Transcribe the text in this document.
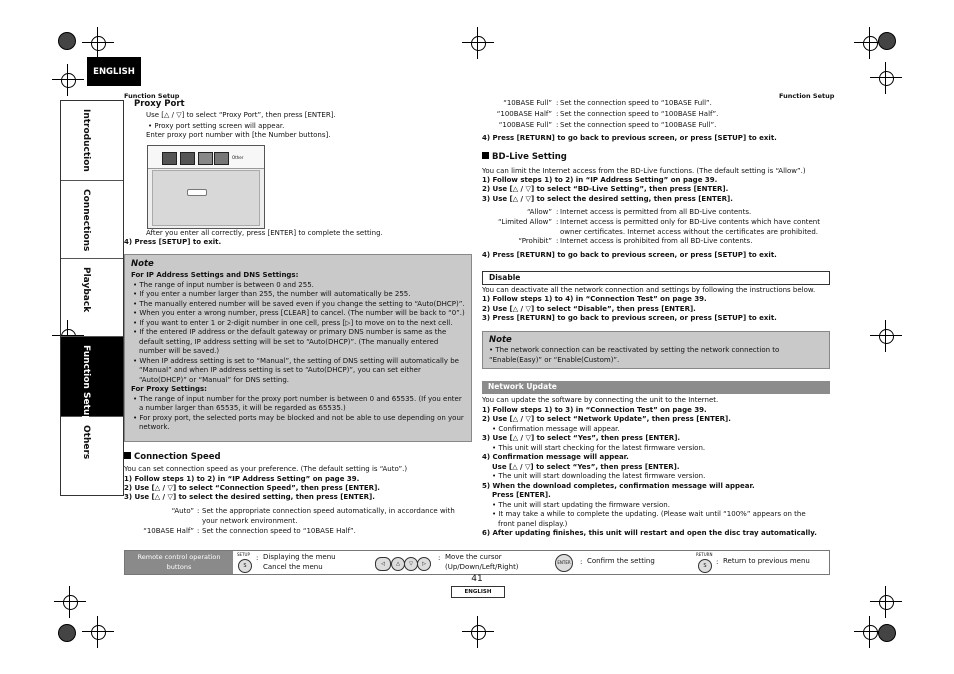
ENGLISH
Function Setup	Function Setup
Introduction
Connections
Playback
Function Setup
Others
Proxy Port
Use [△ / ▽] to select “Proxy Port”, then press [ENTER].
• Proxy port setting screen will appear.
Enter proxy port number with [the Number buttons].
Other
After you enter all correctly, press [ENTER] to complete the setting.
4) Press [SETUP] to exit.
Note
For IP Address Settings and DNS Settings:
• The range of input number is between 0 and 255.
• If you enter a number larger than 255, the number will automatically be 255.
• The manually entered number will be saved even if you change the setting to “Auto(DHCP)”.
• When you enter a wrong number, press [CLEAR] to cancel. (The number will be back to “0”.)
• If you want to enter 1 or 2-digit number in one cell, press [▷] to move on to the next cell.
• If the entered IP address or the default gateway or primary DNS number is same as the default setting, IP address setting will be set to “Auto(DHCP)”. (The manually entered number will be saved.)
• When IP address setting is set to “Manual”, the setting of DNS setting will automatically be “Manual” and when IP address setting is set to “Auto(DHCP)”, you can set either “Auto(DHCP)” or “Manual” for DNS setting.
For Proxy Settings:
• The range of input number for the proxy port number is between 0 and 65535. (If you enter a number larger than 65535, it will be regarded as 65535.)
• For proxy port, the selected ports may be blocked and not be able to use depending on your network.
Connection Speed
You can set connection speed as your preference. (The default setting is “Auto”.)
1) Follow steps 1) to 2) in “IP Address Setting” on page 39.
2) Use [△ / ▽] to select “Connection Speed”, then press [ENTER].
3) Use [△ / ▽] to select the desired setting, then press [ENTER].
“Auto” : Set the appropriate connection speed automatically, in accordance with your network environment.
“10BASE Half” : Set the connection speed to “10BASE Half”.
“10BASE Full” : Set the connection speed to “10BASE Full”.
“100BASE Half” : Set the connection speed to “100BASE Half”.
“100BASE Full” : Set the connection speed to “100BASE Full”.
4) Press [RETURN] to go back to previous screen, or press [SETUP] to exit.
BD-Live Setting
You can limit the Internet access from the BD-Live functions. (The default setting is “Allow”.)
1) Follow steps 1) to 2) in “IP Address Setting” on page 39.
2) Use [△ / ▽] to select “BD-Live Setting”, then press [ENTER].
3) Use [△ / ▽] to select the desired setting, then press [ENTER].
“Allow” : Internet access is permitted from all BD-Live contents.
“Limited Allow” : Internet access is permitted only for BD-Live contents which have content owner certificates. Internet access without the certificates are prohibited.
“Prohibit” : Internet access is prohibited from all BD-Live contents.
4) Press [RETURN] to go back to previous screen, or press [SETUP] to exit.
Disable
You can deactivate all the network connection and settings by following the instructions below.
1) Follow steps 1) to 4) in “Connection Test” on page 39.
2) Use [△ / ▽] to select “Disable”, then press [ENTER].
3) Press [RETURN] to go back to previous screen, or press [SETUP] to exit.
Note
• The network connection can be reactivated by setting the network connection to “Enable(Easy)” or “Enable(Custom)”.
Network Update
You can update the software by connecting the unit to the Internet.
1) Follow steps 1) to 3) in “Connection Test” on page 39.
2) Use [△ / ▽] to select “Network Update”, then press [ENTER].
• Confirmation message will appear.
3) Use [△ / ▽] to select “Yes”, then press [ENTER].
• This unit will start checking for the latest firmware version.
4) Confirmation message will appear.
Use [△ / ▽] to select “Yes”, then press [ENTER].
• The unit will start downloading the latest firmware version.
5) When the download completes, confirmation message will appear.
Press [ENTER].
• The unit will start updating the firmware version.
• It may take a while to complete the updating. (Please wait until “100%” appears on the front panel display.)
6) After updating finishes, this unit will restart and open the disc tray automatically.
Remote control operation buttons
SETUP
S
: Displaying the menu
Cancel the menu	◁	△	▽	▷
: Move the cursor
(Up/Down/Left/Right)
ENTER	: Confirm the setting
RETURN
S	: Return to previous menu
41
ENGLISH
